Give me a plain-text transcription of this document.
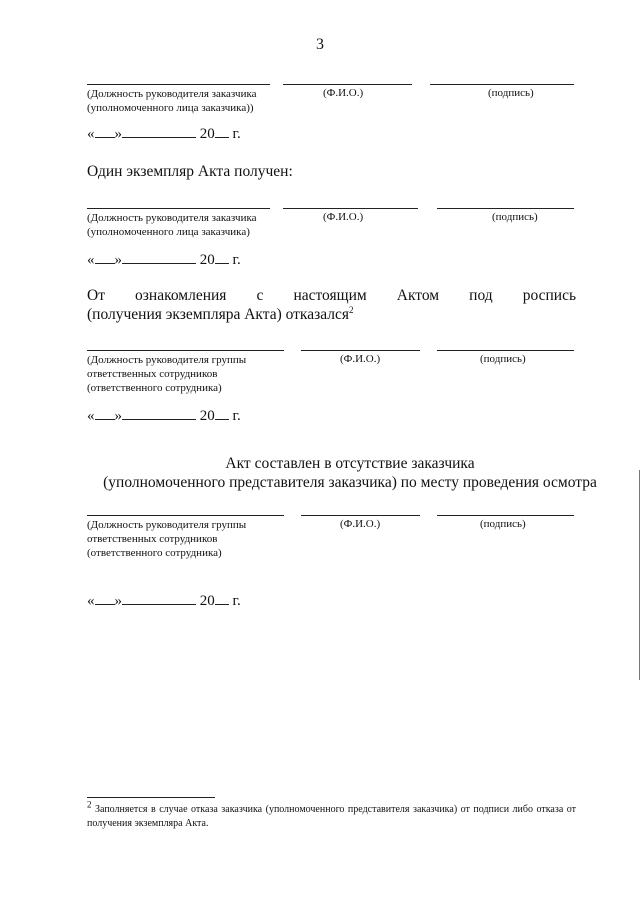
3
(Должность руководителя заказчика
(уполномоченного лица заказчика))
(Ф.И.О.)	(подпись)
« »	20 г.
Один экземпляр Акта получен:
(Должность руководителя заказчика
(уполномоченного лица заказчика)
(Ф.И.О.)	(подпись)
« »	20 г.
От ознакомления с настоящим Актом под роспись
(получения экземпляра Акта) отказался$^2$
(Должность руководителя группы
ответственных сотрудников
(ответственного сотрудника)
(Ф.И.О.)	(подпись)
« »	20 г.
Акт составлен в отсутствие заказчика
(уполномоченного представителя заказчика) по месту проведения осмотра
(Должность руководителя группы
ответственных сотрудников
(ответственного сотрудника)
(Ф.И.О.)	(подпись)
« »	20 г.
$^2$ Заполняется в случае отказа заказчика (уполномоченного представителя заказчика) от подписи либо отказа от получения экземпляра Акта.
